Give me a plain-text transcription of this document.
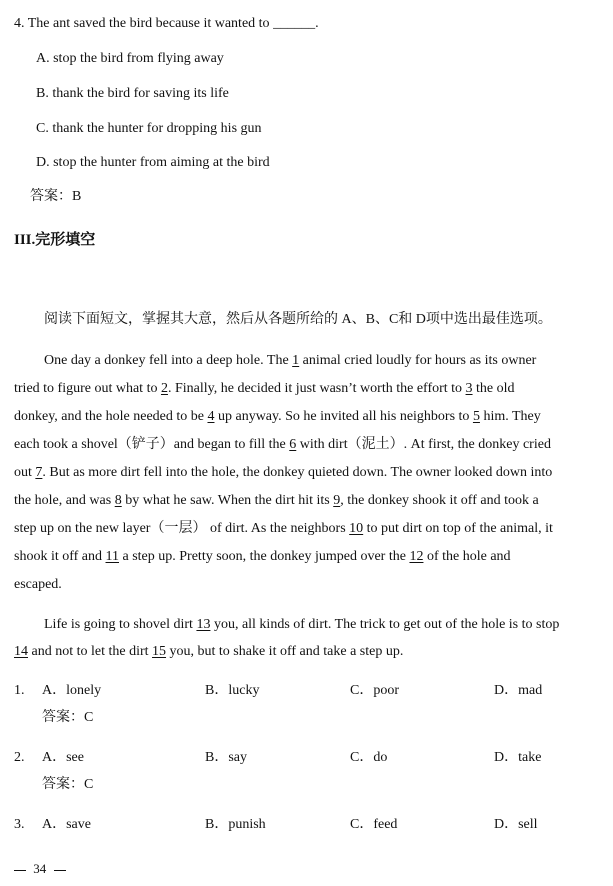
4. The ant saved the bird because it wanted to ______.
A. stop the bird from flying away
B. thank the bird for saving its life
C. thank the hunter for dropping his gun
D. stop the hunter from aiming at the bird
答案：B
III.完形填空
阅读下面短文，掌握其大意，然后从各题所给的 A、B、C和 D项中选出最佳选项。
One day a donkey fell into a deep hole. The 1 animal cried loudly for hours as its owner
tried to figure out what to 2. Finally, he decided it just wasn’t worth the effort to 3 the old
donkey, and the hole needed to be 4 up anyway. So he invited all his neighbors to 5 him. They
each took a shovel（铲子）and began to fill the 6 with dirt（泥土）. At first, the donkey cried
out 7. But as more dirt fell into the hole, the donkey quieted down. The owner looked down into
the hole, and was 8 by what he saw. When the dirt hit its 9, the donkey shook it off and took a
step up on the new layer（一层） of dirt. As the neighbors 10 to put dirt on top of the animal, it
shook it off and 11 a step up. Pretty soon, the donkey jumped over the 12 of the hole and
escaped.
Life is going to shovel dirt 13 you, all kinds of dirt. The trick to get out of the hole is to stop
14 and not to let the dirt 15 you, but to shake it off and take a step up.
1. A．lonely	B．lucky	C．poor	D．mad
答案：C
2. A．see	B．say	C．do	D．take
答案：C
3. A．save	B．punish	C．feed	D．sell
34
